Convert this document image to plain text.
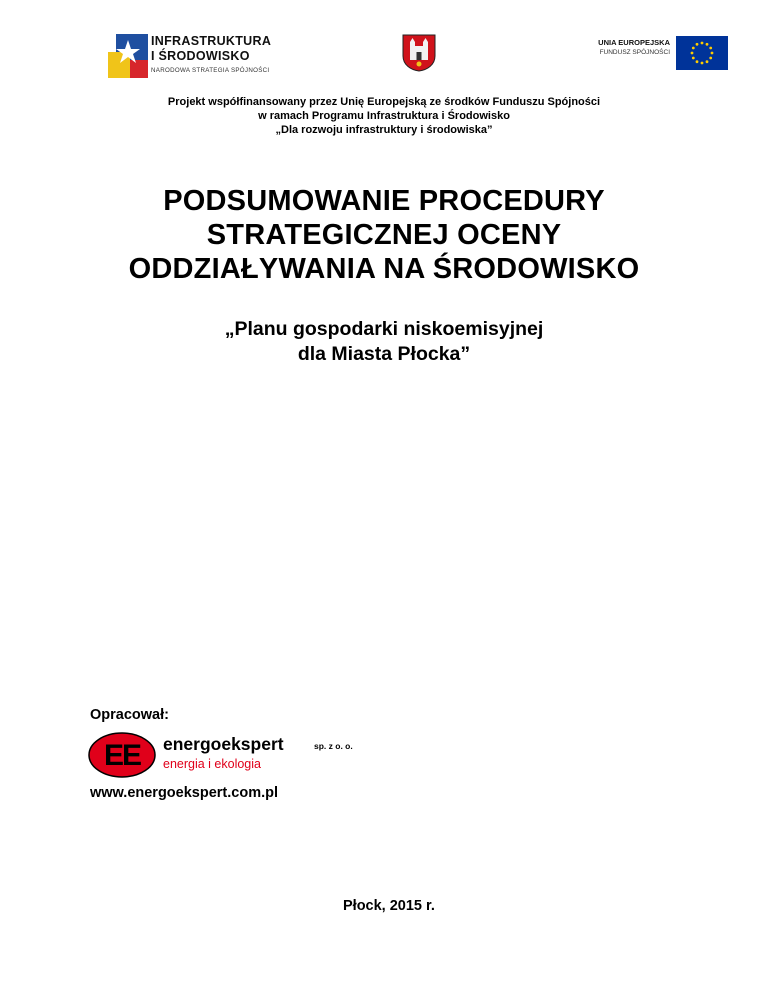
INFRASTRUKTURA
I ŚRODOWISKO
NARODOWA STRATEGIA SPÓJNOŚCI
UNIA EUROPEJSKA
FUNDUSZ SPÓJNOŚCI
Projekt współfinansowany przez Unię Europejską ze środków Funduszu Spójności
w ramach Programu Infrastruktura i Środowisko
„Dla rozwoju infrastruktury i środowiska”
PODSUMOWANIE PROCEDURY
STRATEGICZNEJ OCENY
ODDZIAŁYWANIA NA ŚRODOWISKO
„Planu gospodarki niskoemisyjnej
dla Miasta Płocka”
Opracował:
EE energoekspert	sp. z o. o.
energia i ekologia
www.energoekspert.com.pl
Płock, 2015 r.
